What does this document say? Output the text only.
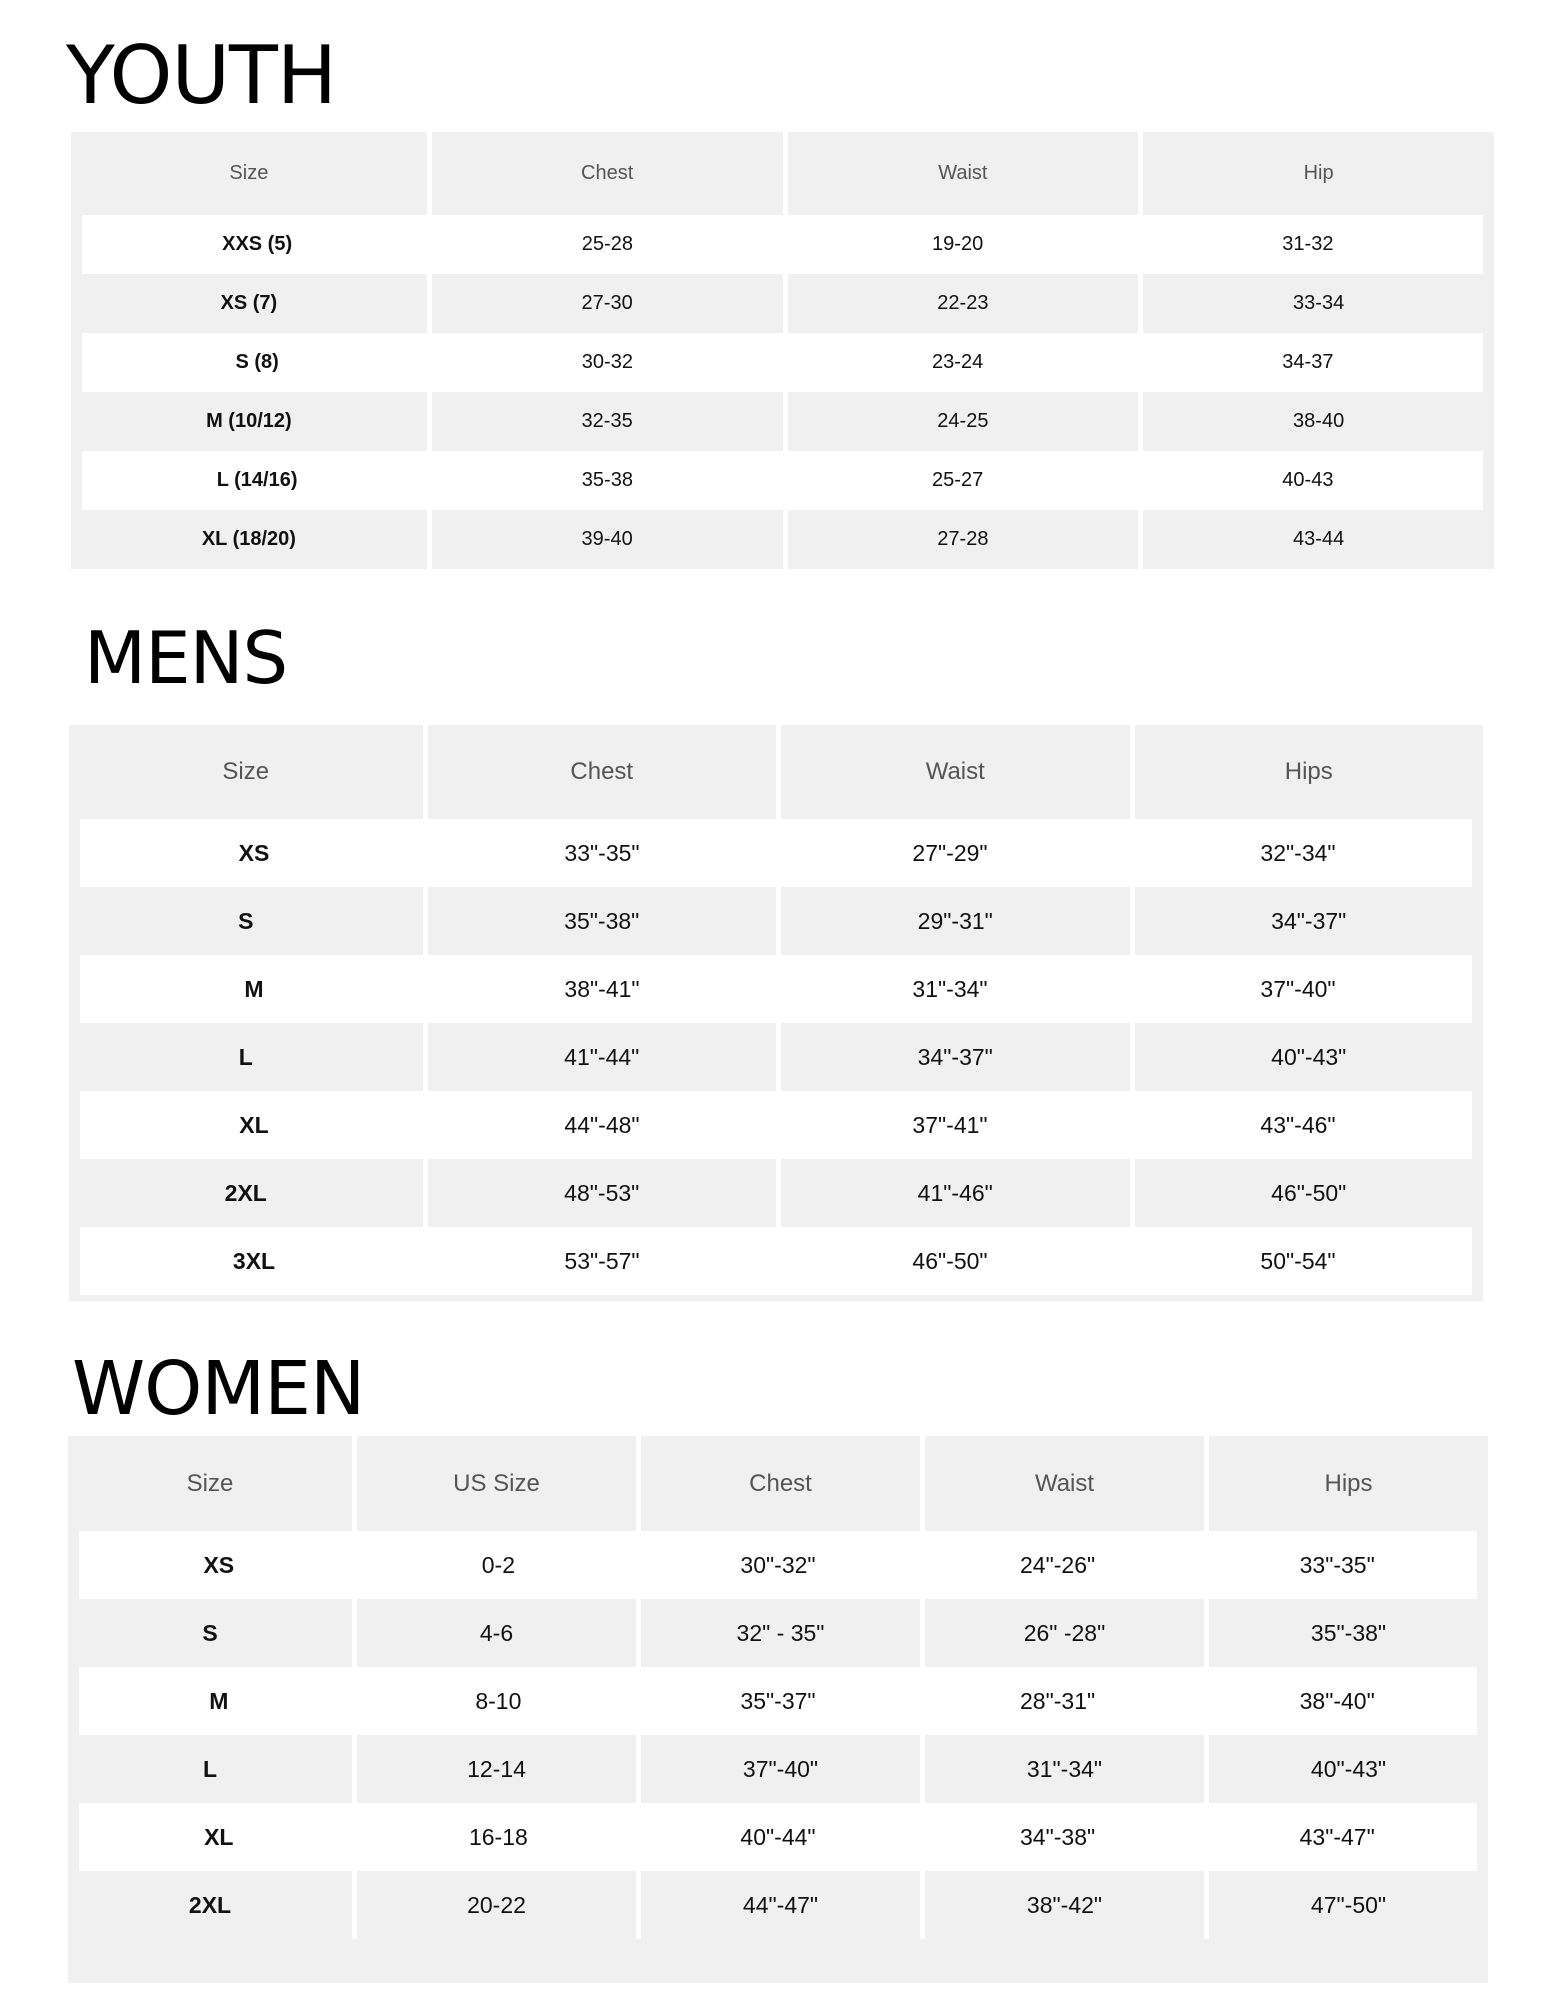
YOUTH
Size	Chest	Waist	Hip
XXS (5)	25-28	19-20	31-32
XS (7)	27-30	22-23	33-34
S (8)	30-32	23-24	34-37
M (10/12)	32-35	24-25	38-40
L (14/16)	35-38	25-27	40-43
XL (18/20)	39-40	27-28	43-44
MENS
Size	Chest	Waist	Hips
XS	33"-35"	27"-29"	32"-34"
S	35"-38"	29"-31"	34"-37"
M	38"-41"	31"-34"	37"-40"
L	41"-44"	34"-37"	40"-43"
XL	44"-48"	37"-41"	43"-46"
2XL	48"-53"	41"-46"	46"-50"
3XL	53"-57"	46"-50"	50"-54"
WOMEN
Size	US Size	Chest	Waist	Hips
XS	0-2	30"-32"	24"-26"	33"-35"
S	4-6	32" - 35"	26" -28"	35"-38"
M	8-10	35"-37"	28"-31"	38"-40"
L	12-14	37"-40"	31"-34"	40"-43"
XL	16-18	40"-44"	34"-38"	43"-47"
2XL	20-22	44"-47"	38"-42"	47"-50"
